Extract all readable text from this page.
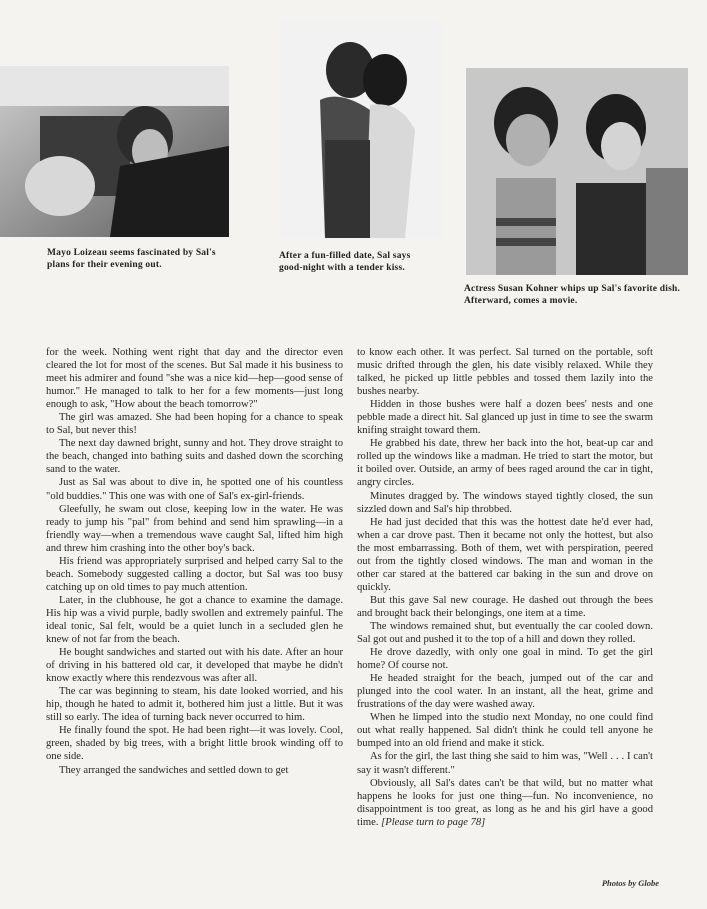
Mayo Loizeau seems fascinated by Sal's plans for their evening out.
After a fun-filled date, Sal says good-night with a tender kiss.
Actress Susan Kohner whips up Sal's favorite dish. Afterward, comes a movie.

for the week. Nothing went right that day and the director even cleared the lot for most of the scenes. But Sal made it his business to meet his admirer and found "she was a nice kid—hep—good sense of humor." He managed to talk to her for a few moments—just long enough to ask, "How about the beach tomorrow?"

The girl was amazed. She had been hoping for a chance to speak to Sal, but never this!

The next day dawned bright, sunny and hot. They drove straight to the beach, changed into bathing suits and dashed down the scorching sand to the water.

Just as Sal was about to dive in, he spotted one of his countless "old buddies." This one was with one of Sal's ex-girl-friends.

Gleefully, he swam out close, keeping low in the water. He was ready to jump his "pal" from behind and send him sprawling—in a friendly way—when a tremendous wave caught Sal, lifted him high and threw him crashing into the other boy's back.

His friend was appropriately surprised and helped carry Sal to the beach. Somebody suggested calling a doctor, but Sal was too busy catching up on old times to pay much attention.

Later, in the clubhouse, he got a chance to examine the damage. His hip was a vivid purple, badly swollen and extremely painful. The ideal tonic, Sal felt, would be a quiet lunch in a secluded glen he knew of not far from the beach.

He bought sandwiches and started out with his date. After an hour of driving in his battered old car, it developed that maybe he didn't know exactly where this rendezvous was after all.

The car was beginning to steam, his date looked worried, and his hip, though he hated to admit it, bothered him just a little. But it was still so early. The idea of turning back never occurred to him.

He finally found the spot. He had been right—it was lovely. Cool, green, shaded by big trees, with a bright little brook winding off to one side.

They arranged the sandwiches and settled down to get

to know each other. It was perfect. Sal turned on the portable, soft music drifted through the glen, his date visibly relaxed. While they talked, he picked up little pebbles and tossed them lazily into the bushes nearby.

Hidden in those bushes were half a dozen bees' nests and one pebble made a direct hit. Sal glanced up just in time to see the swarm knifing straight toward them.

He grabbed his date, threw her back into the hot, beat-up car and rolled up the windows like a madman. He tried to start the motor, but it boiled over. Outside, an army of bees raged around the car in tight, angry circles.

Minutes dragged by. The windows stayed tightly closed, the sun sizzled down and Sal's hip throbbed.

He had just decided that this was the hottest date he'd ever had, when a car drove past. Then it became not only the hottest, but also the most embarrassing. Both of them, wet with perspiration, peered out from the tightly closed windows. The man and woman in the other car stared at the battered car baking in the sun and drove on quickly.

But this gave Sal new courage. He dashed out through the bees and brought back their belongings, one item at a time.

The windows remained shut, but eventually the car cooled down. Sal got out and pushed it to the top of a hill and down they rolled.

He drove dazedly, with only one goal in mind. To get the girl home? Of course not.

He headed straight for the beach, jumped out of the car and plunged into the cool water. In an instant, all the heat, grime and frustrations of the day were washed away.

When he limped into the studio next Monday, no one could find out what really happened. Sal didn't think he could tell anyone he bumped into an old friend and make it stick.

As for the girl, the last thing she said to him was, "Well . . . I can't say it wasn't different."

Obviously, all Sal's dates can't be that wild, but no matter what happens he looks for just one thing—fun. No inconvenience, no disappointment is too great, as long as he and his girl have a good time. [Please turn to page 78]

Photos by Globe
